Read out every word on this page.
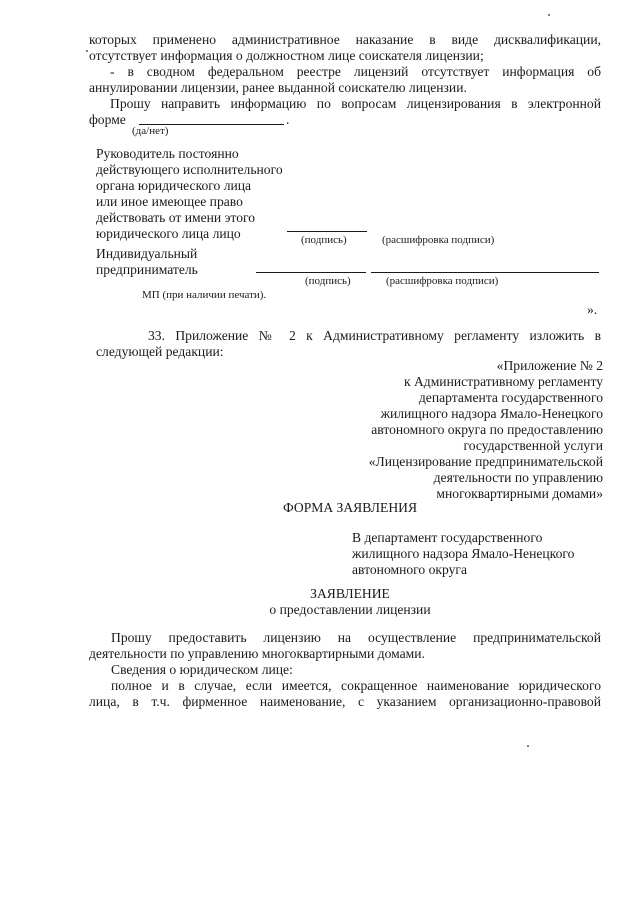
которых применено административное наказание в виде дисквалификации,
отсутствует информация о должностном лице соискателя лицензии;
- в сводном федеральном реестре лицензий отсутствует информация об
аннулировании лицензии, ранее выданной соискателю лицензии.
Прошу направить информацию по вопросам лицензирования в электронной
форме	.
(да/нет)
Руководитель постоянно
действующего исполнительного
органа юридического лица
или иное имеющее право
действовать от имени этого
юридического лица лицо	(подпись)	(расшифровка подписи)
Индивидуальный
предприниматель
(подпись)	(расшифровка подписи)
МП (при наличии печати).
».
33. Приложение № 2 к Административному регламенту изложить в
следующей редакции:
«Приложение № 2
к Административному регламенту
департамента государственного
жилищного надзора Ямало-Ненецкого
автономного округа по предоставлению
государственной услуги
«Лицензирование предпринимательской
деятельности по управлению
многоквартирными домами»
ФОРМА ЗАЯВЛЕНИЯ
В департамент государственного
жилищного надзора Ямало-Ненецкого
автономного округа
ЗАЯВЛЕНИЕ
о предоставлении лицензии
Прошу предоставить лицензию на осуществление предпринимательской
деятельности по управлению многоквартирными домами.
Сведения о юридическом лице:
полное и в случае, если имеется, сокращенное наименование юридического
лица, в т.ч. фирменное наименование, с указанием организационно-правовой
